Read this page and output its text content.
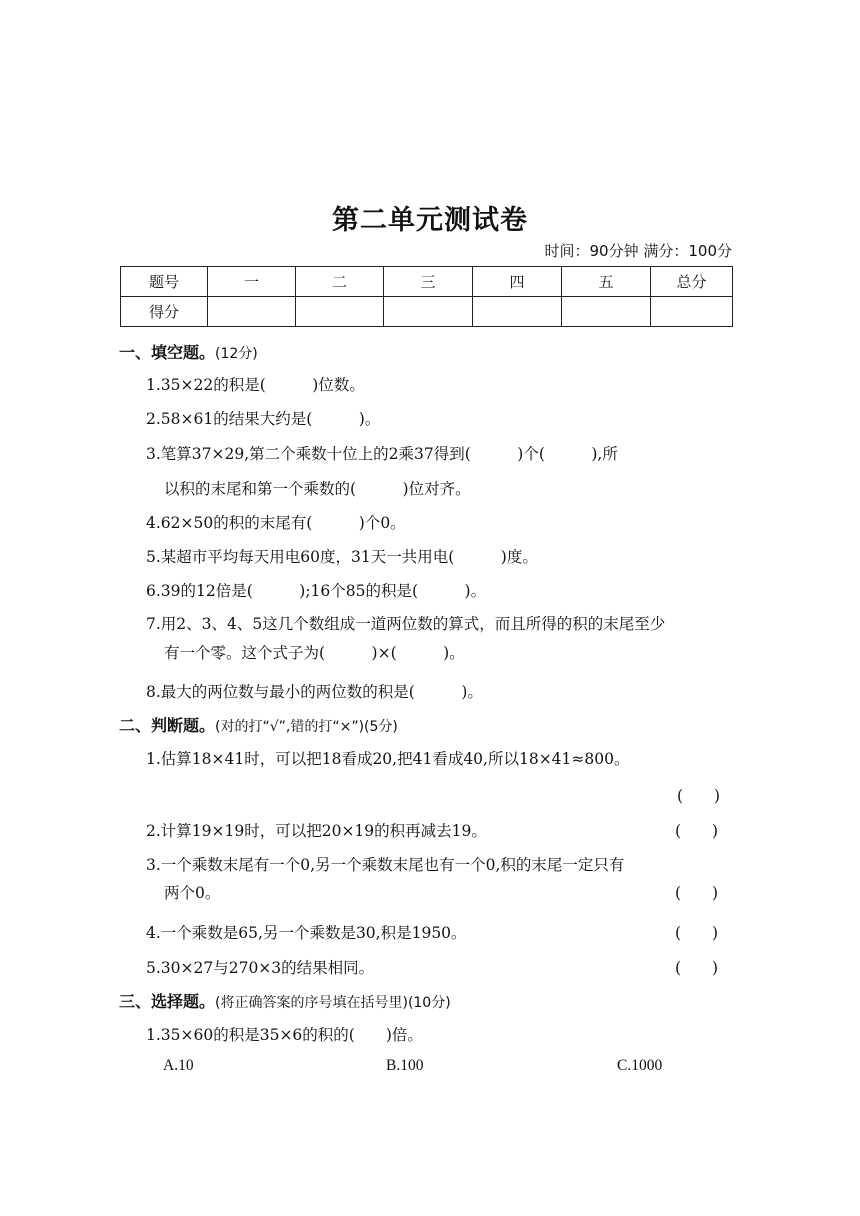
第二单元测试卷
时间：90分钟 满分：100分
题号	一	二	三	四	五	总分
得分						
一、填空题。(12分)
1.35×22的积是(　　　)位数。
2.58×61的结果大约是(　　　)。
3.笔算37×29,第二个乘数十位上的2乘37得到(　　　)个(　　　),所
以积的末尾和第一个乘数的(　　　)位对齐。
4.62×50的积的末尾有(　　　)个0。
5.某超市平均每天用电60度，31天一共用电(　　　)度。
6.39的12倍是(　　　);16个85的积是(　　　)。
7.用2、3、4、5这几个数组成一道两位数的算式，而且所得的积的末尾至少
有一个零。这个式子为(　　　)×(　　　)。
8.最大的两位数与最小的两位数的积是(　　　)。
二、判断题。(对的打“√”,错的打“×”)(5分)
1.估算18×41时，可以把18看成20,把41看成40,所以18×41≈800。
(　　)
2.计算19×19时，可以把20×19的积再减去19。	(　　)
3.一个乘数末尾有一个0,另一个乘数末尾也有一个0,积的末尾一定只有
两个0。	(　　)
4.一个乘数是65,另一个乘数是30,积是1950。	(　　)
5.30×27与270×3的结果相同。	(　　)
三、选择题。(将正确答案的序号填在括号里)(10分)
1.35×60的积是35×6的积的(　　)倍。
A.10	B.100	C.1000
